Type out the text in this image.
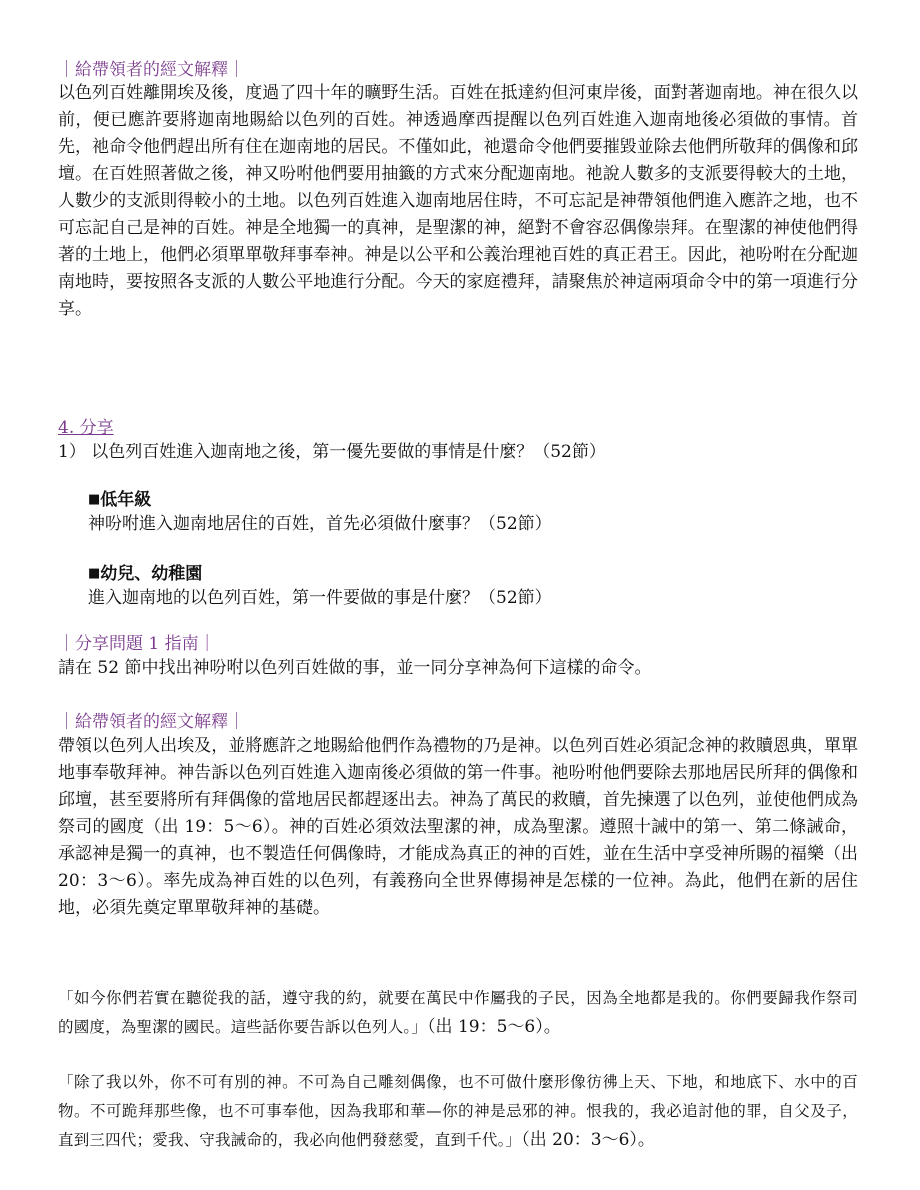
｜給帶領者的經文解釋｜

以色列百姓離開埃及後，度過了四十年的曠野生活。百姓在抵達約但河東岸後，面對著迦南地。神在很久以前，便已應許要將迦南地賜給以色列的百姓。神透過摩西提醒以色列百姓進入迦南地後必須做的事情。首先，祂命令他們趕出所有住在迦南地的居民。不僅如此，祂還命令他們要摧毀並除去他們所敬拜的偶像和邱壇。在百姓照著做之後，神又吩咐他們要用抽籤的方式來分配迦南地。祂說人數多的支派要得較大的土地，人數少的支派則得較小的土地。以色列百姓進入迦南地居住時，不可忘記是神帶領他們進入應許之地，也不可忘記自己是神的百姓。神是全地獨一的真神，是聖潔的神，絕對不會容忍偶像崇拜。在聖潔的神使他們得著的土地上，他們必須單單敬拜事奉神。神是以公平和公義治理祂百姓的真正君王。因此，祂吩咐在分配迦南地時，要按照各支派的人數公平地進行分配。今天的家庭禮拜，請聚焦於神這兩項命令中的第一項進行分享。

4. 分享
1） 以色列百姓進入迦南地之後，第一優先要做的事情是什麼？（52節）
■低年級
神吩咐進入迦南地居住的百姓，首先必須做什麼事？（52節）
■幼兒、幼稚園
進入迦南地的以色列百姓，第一件要做的事是什麼？（52節）
｜分享問題 1 指南｜
請在 52 節中找出神吩咐以色列百姓做的事，並一同分享神為何下這樣的命令。
｜給帶領者的經文解釋｜

帶領以色列人出埃及，並將應許之地賜給他們作為禮物的乃是神。以色列百姓必須記念神的救贖恩典，單單地事奉敬拜神。神告訴以色列百姓進入迦南後必須做的第一件事。祂吩咐他們要除去那地居民所拜的偶像和邱壇，甚至要將所有拜偶像的當地居民都趕逐出去。神為了萬民的救贖，首先揀選了以色列，並使他們成為祭司的國度（出 19：5～6）。神的百姓必須效法聖潔的神，成為聖潔。遵照十誡中的第一、第二條誡命，承認神是獨一的真神，也不製造任何偶像時，才能成為真正的神的百姓，並在生活中享受神所賜的福樂（出 20：3～6）。率先成為神百姓的以色列，有義務向全世界傳揚神是怎樣的一位神。為此，他們在新的居住地，必須先奠定單單敬拜神的基礎。

「如今你們若實在聽從我的話，遵守我的約，就要在萬民中作屬我的子民，因為全地都是我的。你們要歸我作祭司的國度，為聖潔的國民。這些話你要告訴以色列人。」（出 19：5～6）。

「除了我以外，你不可有別的神。不可為自己雕刻偶像，也不可做什麼形像彷彿上天、下地，和地底下、水中的百物。不可跪拜那些像，也不可事奉他，因為我耶和華—你的神是忌邪的神。恨我的，我必追討他的罪，自父及子，直到三四代；愛我、守我誡命的，我必向他們發慈愛，直到千代。」（出 20：3～6）。
